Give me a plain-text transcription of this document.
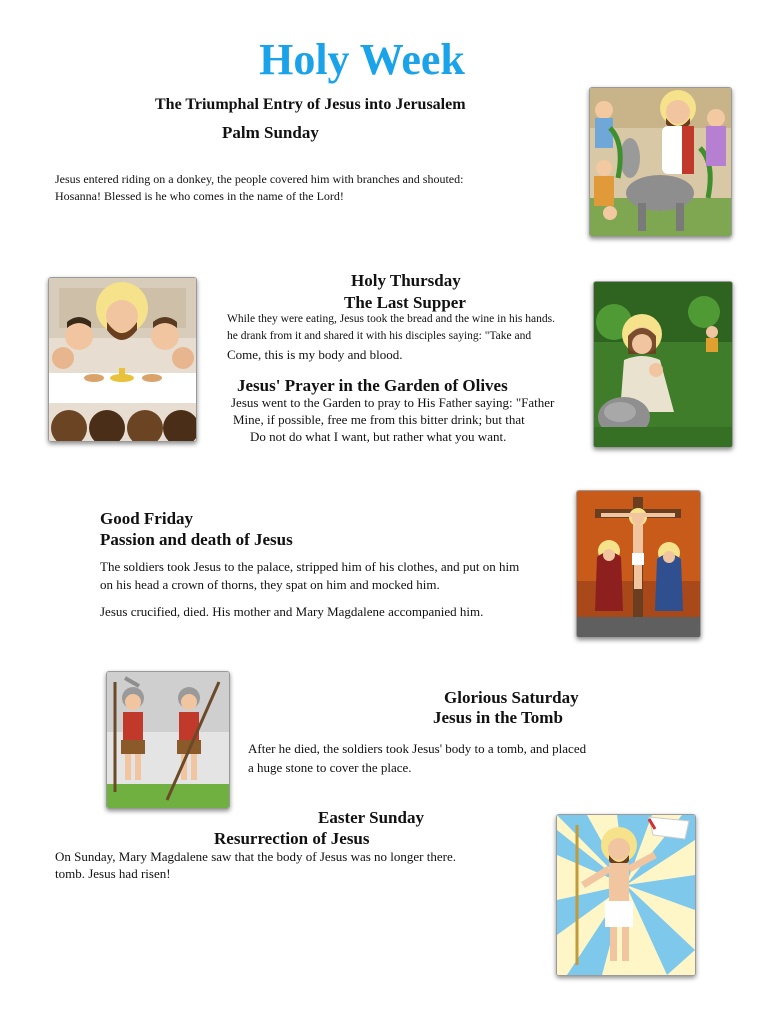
Holy Week
The Triumphal Entry of Jesus into Jerusalem
Palm Sunday
Jesus entered riding on a donkey, the people covered him with branches and shouted:
Hosanna! Blessed is he who comes in the name of the Lord!
Holy Thursday
The Last Supper
While they were eating, Jesus took the bread and the wine in his hands.
he drank from it and shared it with his disciples saying: "Take and
Come, this is my body and blood.
Jesus' Prayer in the Garden of Olives
Jesus went to the Garden to pray to His Father saying: "Father
Mine, if possible, free me from this bitter drink; but that
Do not do what I want, but rather what you want.
Good Friday
Passion and death of Jesus
The soldiers took Jesus to the palace, stripped him of his clothes, and put on him
on his head a crown of thorns, they spat on him and mocked him.
Jesus crucified, died. His mother and Mary Magdalene accompanied him.
Glorious Saturday
Jesus in the Tomb
After he died, the soldiers took Jesus' body to a tomb, and placed
a huge stone to cover the place.
Easter Sunday
Resurrection of Jesus
On Sunday, Mary Magdalene saw that the body of Jesus was no longer there.
tomb. Jesus had risen!
